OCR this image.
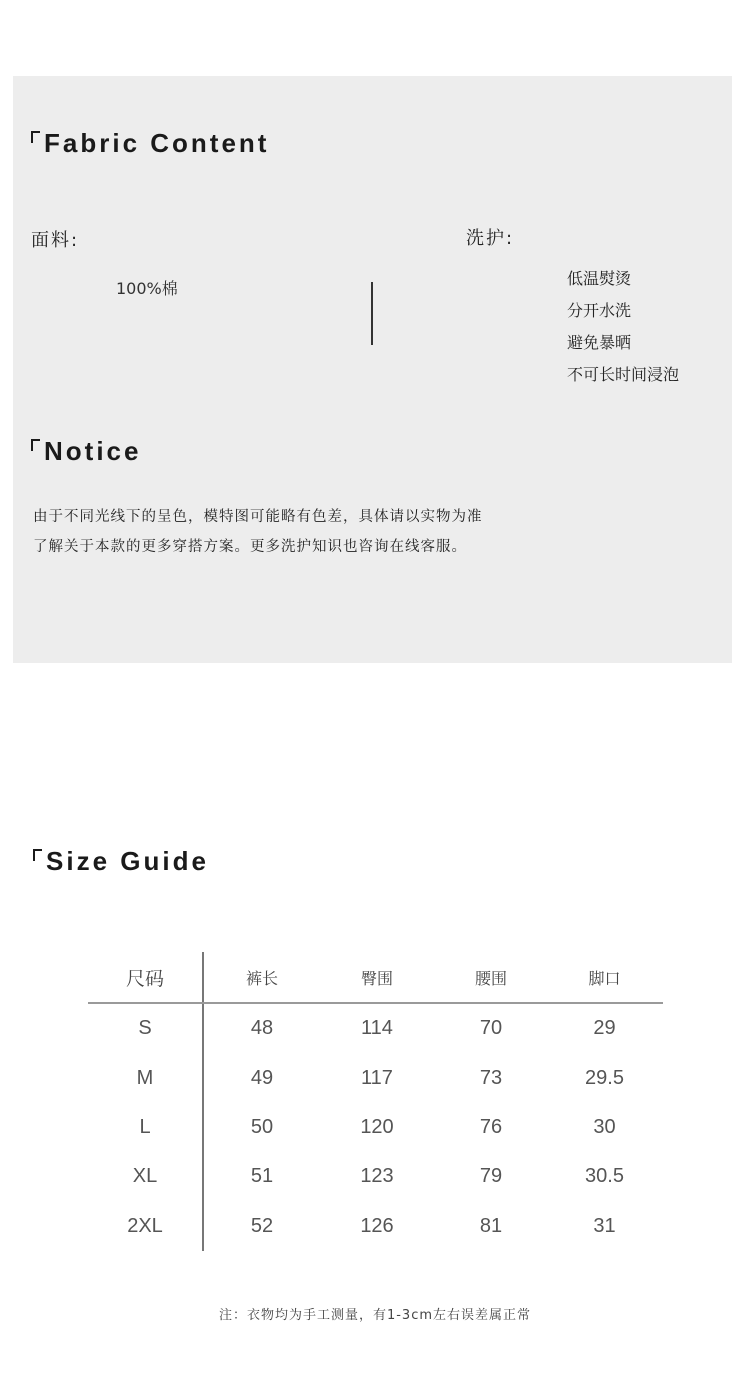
Fabric Content
面料:
100%棉
洗护:
低温熨烫
分开水洗
避免暴晒
不可长时间浸泡
Notice
由于不同光线下的呈色，模特图可能略有色差，具体请以实物为准
了解关于本款的更多穿搭方案。更多洗护知识也咨询在线客服。
Size Guide
尺码	裤长	臀围	腰围	脚口
S	48	114	70	29
M	49	117	73	29.5
L	50	120	76	30
XL	51	123	79	30.5
2XL	52	126	81	31
注：衣物均为手工测量，有1-3cm左右误差属正常
